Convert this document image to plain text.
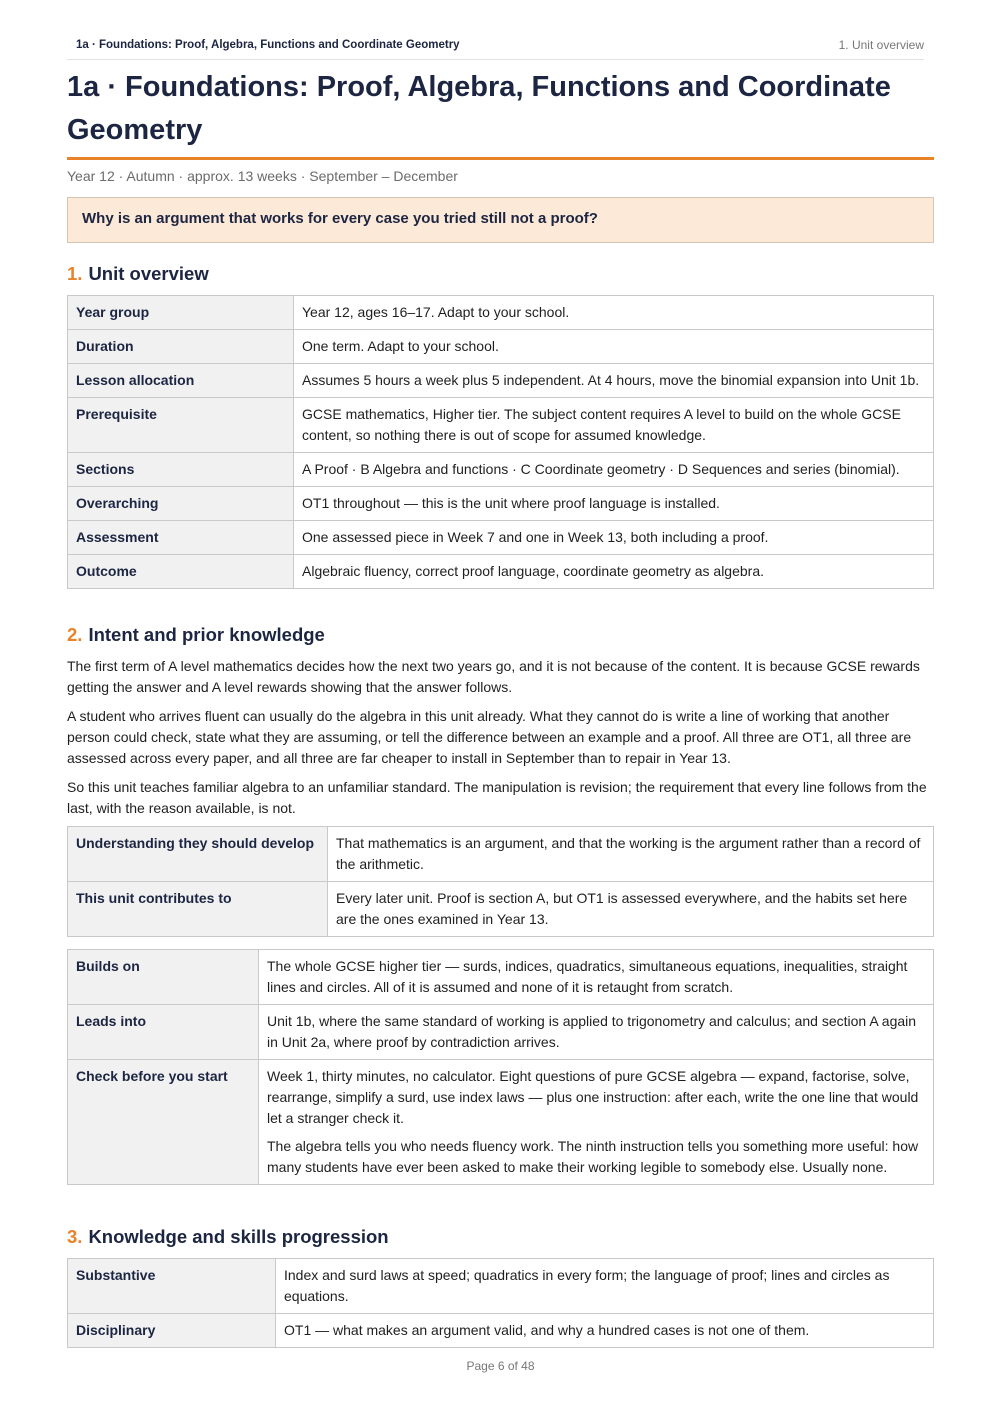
1a · Foundations: Proof, Algebra, Functions and Coordinate Geometry	1. Unit overview
1a · Foundations: Proof, Algebra, Functions and Coordinate Geometry
Year 12 · Autumn · approx. 13 weeks · September – December
Why is an argument that works for every case you tried still not a proof?
1. Unit overview
Year group	Year 12, ages 16–17. Adapt to your school.
Duration	One term. Adapt to your school.
Lesson allocation	Assumes 5 hours a week plus 5 independent. At 4 hours, move the binomial expansion into Unit 1b.
Prerequisite	GCSE mathematics, Higher tier. The subject content requires A level to build on the whole GCSE content, so nothing there is out of scope for assumed knowledge.
Sections	A Proof · B Algebra and functions · C Coordinate geometry · D Sequences and series (binomial).
Overarching	OT1 throughout — this is the unit where proof language is installed.
Assessment	One assessed piece in Week 7 and one in Week 13, both including a proof.
Outcome	Algebraic fluency, correct proof language, coordinate geometry as algebra.
2. Intent and prior knowledge

The first term of A level mathematics decides how the next two years go, and it is not because of the content. It is because GCSE rewards getting the answer and A level rewards showing that the answer follows.

A student who arrives fluent can usually do the algebra in this unit already. What they cannot do is write a line of working that another person could check, state what they are assuming, or tell the difference between an example and a proof. All three are OT1, all three are assessed across every paper, and all three are far cheaper to install in September than to repair in Year 13.

So this unit teaches familiar algebra to an unfamiliar standard. The manipulation is revision; the requirement that every line follows from the last, with the reason available, is not.

Understanding they should develop	That mathematics is an argument, and that the working is the argument rather than a record of the arithmetic.
This unit contributes to	Every later unit. Proof is section A, but OT1 is assessed everywhere, and the habits set here are the ones examined in Year 13.
Builds on	The whole GCSE higher tier — surds, indices, quadratics, simultaneous equations, inequalities, straight lines and circles. All of it is assumed and none of it is retaught from scratch.

Leads into	Unit 1b, where the same standard of working is applied to trigonometry and calculus; and section A again in Unit 2a, where proof by contradiction arrives.

Check before you start	Week 1, thirty minutes, no calculator. Eight questions of pure GCSE algebra — expand, factorise, solve, rearrange, simplify a surd, use index laws — plus one instruction: after each, write the one line that would let a stranger check it.

The algebra tells you who needs fluency work. The ninth instruction tells you something more useful: how many students have ever been asked to make their working legible to somebody else. Usually none.

3. Knowledge and skills progression
Substantive	Index and surd laws at speed; quadratics in every form; the language of proof; lines and circles as equations.
Disciplinary	OT1 — what makes an argument valid, and why a hundred cases is not one of them.
Page 6 of 48
